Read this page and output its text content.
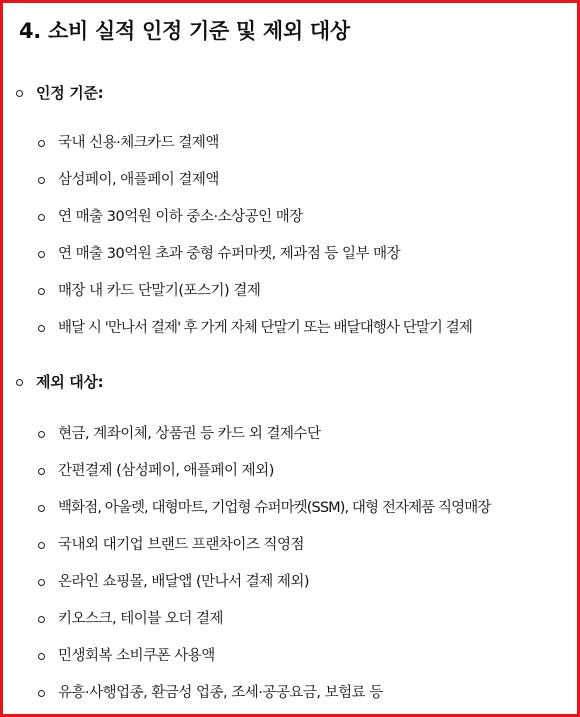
4. 소비 실적 인정 기준 및 제외 대상
인정 기준:
국내 신용·체크카드 결제액
삼성페이, 애플페이 결제액
연 매출 30억원 이하 중소·소상공인 매장
연 매출 30억원 초과 중형 슈퍼마켓, 제과점 등 일부 매장
매장 내 카드 단말기(포스기) 결제
배달 시 '만나서 결제' 후 가게 자체 단말기 또는 배달대행사 단말기 결제
제외 대상:
현금, 계좌이체, 상품권 등 카드 외 결제수단
간편결제 (삼성페이, 애플페이 제외)
백화점, 아울렛, 대형마트, 기업형 슈퍼마켓(SSM), 대형 전자제품 직영매장
국내외 대기업 브랜드 프랜차이즈 직영점
온라인 쇼핑몰, 배달앱 (만나서 결제 제외)
키오스크, 테이블 오더 결제
민생회복 소비쿠폰 사용액
유흥·사행업종, 환금성 업종, 조세·공공요금, 보험료 등
